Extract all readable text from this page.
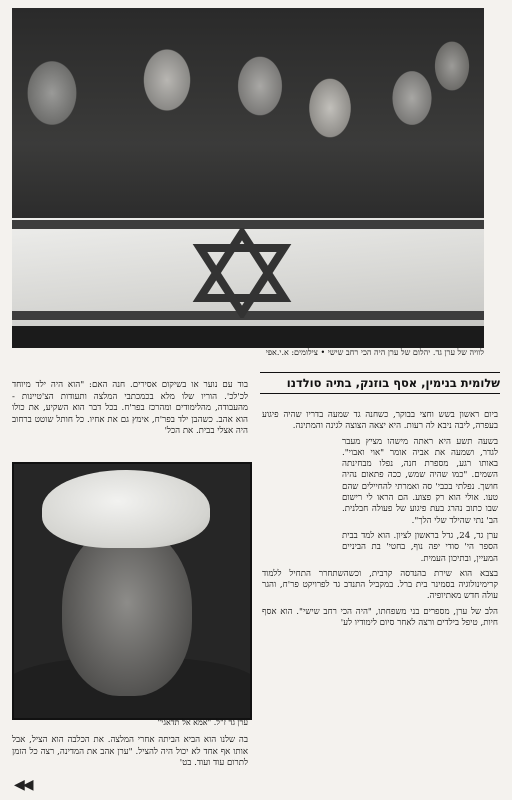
לוויה של ערן גד. יהלום של ערן היה הכי רחב שישי • צילומים: א.י.אפי
שלומית בנימין, אסף בוזנק, בתיה סולדנו
בוד עם נוער או בשיקום אסירים. חנה האם: "הוא היה ילד מיוחד לכ'לכ'. הוריו שלו מלא בכמכתבי המלצה ותעודות הצ'טיינות - מהעבודה, מהלימודים ומהרכז בפר'ח. בכל דבר הוא השקיע, את כולו הוא אהב. כשהבן ילד בפר'ח, אימץ גם את אחיו. כל חותל שוטט ברחוב היה אצלי בבית. את הכל'

ביום ראשון בשש וחצי בבוקר, כשחנה גד שמעה בדריו שהיה פיגוע בעפרה, ליבה ניבא לה רעות. היא יצאה הצוצה לגינה והמתינה.

בשעה תשע היא ראתה מישהו מציץ מעבר לגדר, ושמעה את אביה אומר "אוי ואבוי". באותו רגע, מספרת חנה, נפלו מבחינתה השמים. "כמו שהיה שמש, ככה פתאום נהיה חושך. נפלתי בכבי' סה ואמרתי להחיילים שהם טעו. אולי הוא רק פצוע. הם הראו לי רישום שבו כתוב נהרג בעת פיגוע של פעולה חבלנית. הב' נתי שהילד שלי הלך".

ערן גד, 24, גדל בראשון לציון. הוא למד בבית הספר הי' סודי יפה נוף, בחטי' בת הביניים המעיין, ובתיכון העמית.

בצבא הוא שירת בהנדסה קרבית, וכשהשתחרר התחיל ללמוד קרימינולוגיה בסמינר בית ברל. במקביל התנדב גד לפרויקט פר'ח, והגר עולה חדש מאתיופיה.

הלב של ערן, מספרים בני משפחתו, "היה הכי רחב שישי". הוא אסף חיות, טיפל בילדים ורצה לאחר סיום לימודיו לע'

ערן גד ז"ל. "אמא אל תדאגי"
בה שלנו הוא הביא הביתה אחרי המלצה. את הכלבה הוא הציל, אבל אותו אף אחד לא יכול היה להציל. "ערן אהב את המדינה, רצה כל הזמן לתרום עוד ועוד. בט'
◀◀
